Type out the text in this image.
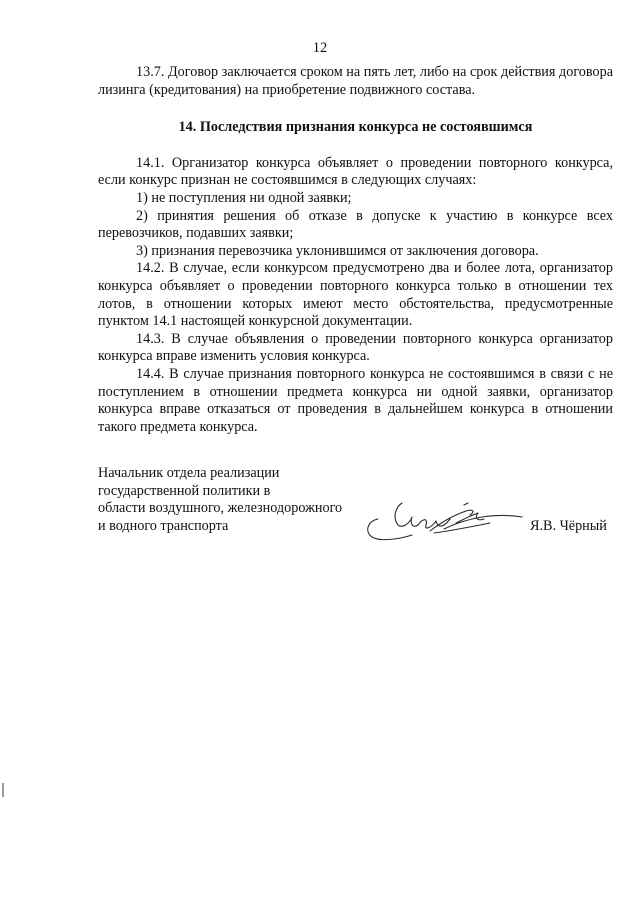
12

13.7. Договор заключается сроком на пять лет, либо на срок действия договора лизинга (кредитования) на приобретение подвижного состава.

14. Последствия признания конкурса не состоявшимся

14.1. Организатор конкурса объявляет о проведении повторного конкурса, если конкурс признан не состоявшимся в следующих случаях:

1) не поступления ни одной заявки;

2) принятия решения об отказе в допуске к участию в конкурсе всех перевозчиков, подавших заявки;

3) признания перевозчика уклонившимся от заключения договора.

14.2. В случае, если конкурсом предусмотрено два и более лота, организатор конкурса объявляет о проведении повторного конкурса только в отношении тех лотов, в отношении которых имеют место обстоятельства, предусмотренные пунктом 14.1 настоящей конкурсной документации.

14.3. В случае объявления о проведении повторного конкурса организатор конкурса вправе изменить условия конкурса.

14.4. В случае признания повторного конкурса не состоявшимся в связи с не поступлением в отношении предмета конкурса ни одной заявки, организатор конкурса вправе отказаться от проведения в дальнейшем конкурса в отношении такого предмета конкурса.

Начальник отдела реализации
государственной политики в
области воздушного, железнодорожного
и водного транспорта	Я.В. Чёрный
